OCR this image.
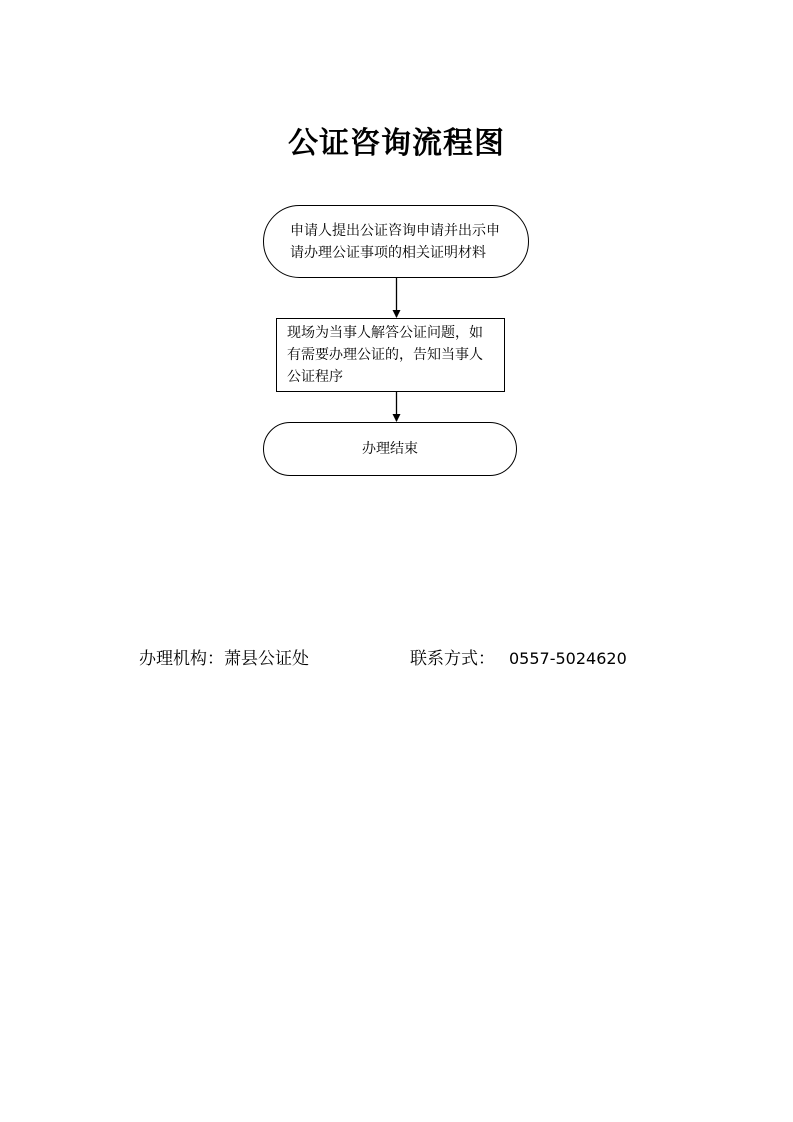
公证咨询流程图
申请人提出公证咨询申请并出示申请办理公证事项的相关证明材料
现场为当事人解答公证问题，如有需要办理公证的，告知当事人公证程序
办理结束
办理机构：萧县公证处	联系方式： 0557-5024620
